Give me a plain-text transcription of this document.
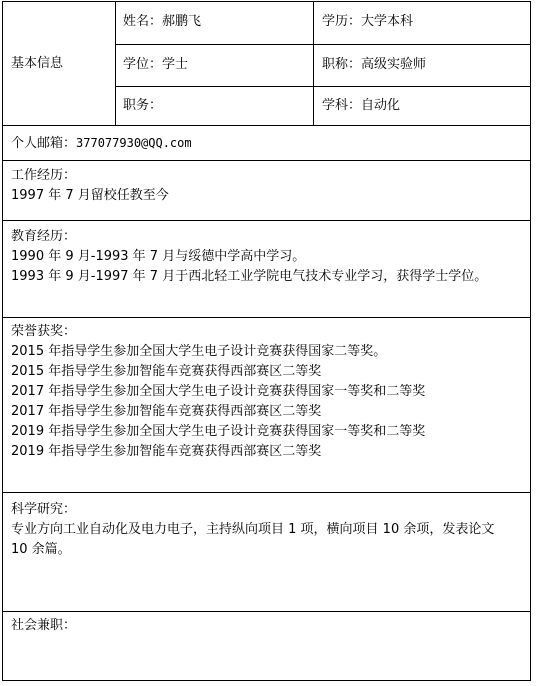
基本信息
姓名：郝鹏飞	学历：大学本科
学位：学士	职称：高级实验师
职务：	学科：自动化
个人邮箱：377077930@QQ.com
工作经历：
1997 年 7 月留校任教至今
教育经历：
1990 年 9 月-1993 年 7 月与绥德中学高中学习。
1993 年 9 月-1997 年 7 月于西北轻工业学院电气技术专业学习，获得学士学位。
荣誉获奖：
2015 年指导学生参加全国大学生电子设计竞赛获得国家二等奖。
2015 年指导学生参加智能车竞赛获得西部赛区二等奖
2017 年指导学生参加全国大学生电子设计竞赛获得国家一等奖和二等奖
2017 年指导学生参加智能车竞赛获得西部赛区二等奖
2019 年指导学生参加全国大学生电子设计竞赛获得国家一等奖和二等奖
2019 年指导学生参加智能车竞赛获得西部赛区二等奖
科学研究：
专业方向工业自动化及电力电子，主持纵向项目 1 项，横向项目 10 余项，发表论文
10 余篇。
社会兼职：
